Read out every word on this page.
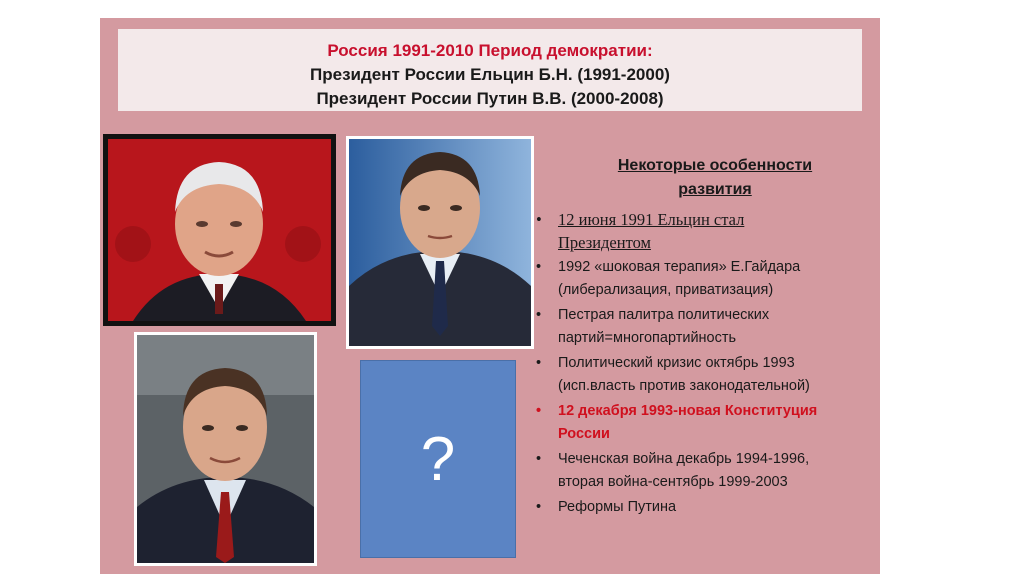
Россия 1991-2010 Период демократии:
Президент России Ельцин Б.Н. (1991-2000)
Президент России Путин В.В. (2000-2008)
?
Некоторые особенности
развития
• 12 июня 1991 Ельцин стал
Президентом
• 1992 «шоковая терапия» Е.Гайдара
(либерализация, приватизация)
• Пестрая палитра политических
партий=многопартийность
• Политический кризис октябрь 1993
(исп.власть против законодательной)
• 12 декабря 1993-новая Конституция
России
• Чеченская война декабрь 1994-1996,
вторая война-сентябрь 1999-2003
• Реформы Путина
